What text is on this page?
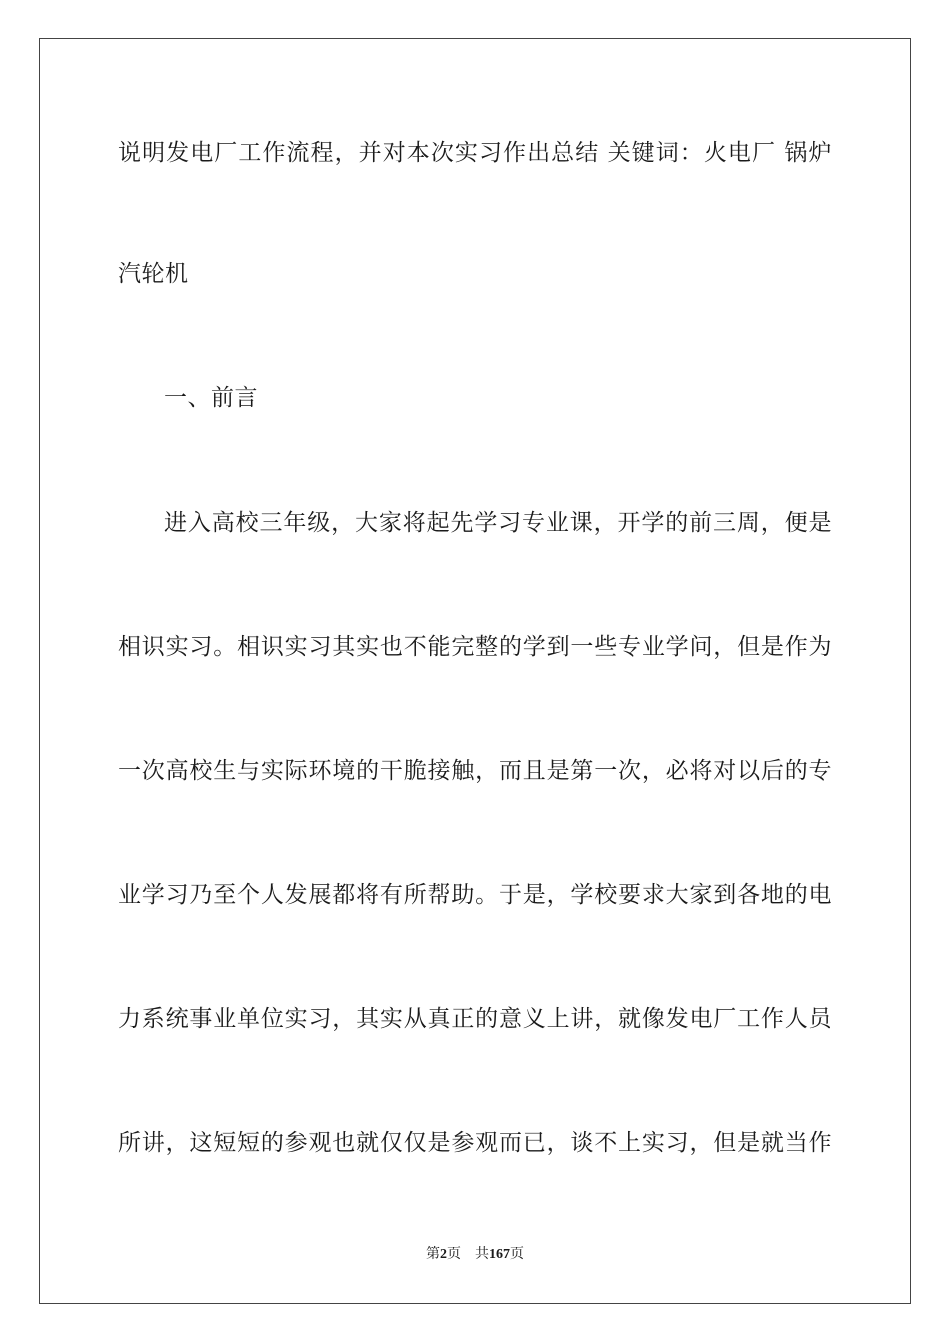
说明发电厂工作流程，并对本次实习作出总结 关键词：火电厂 锅炉
汽轮机
一、前言
进入高校三年级，大家将起先学习专业课，开学的前三周，便是
相识实习。相识实习其实也不能完整的学到一些专业学问，但是作为
一次高校生与实际环境的干脆接触，而且是第一次，必将对以后的专
业学习乃至个人发展都将有所帮助。于是，学校要求大家到各地的电
力系统事业单位实习，其实从真正的意义上讲，就像发电厂工作人员
所讲，这短短的参观也就仅仅是参观而已，谈不上实习，但是就当作
第2页 共167页
